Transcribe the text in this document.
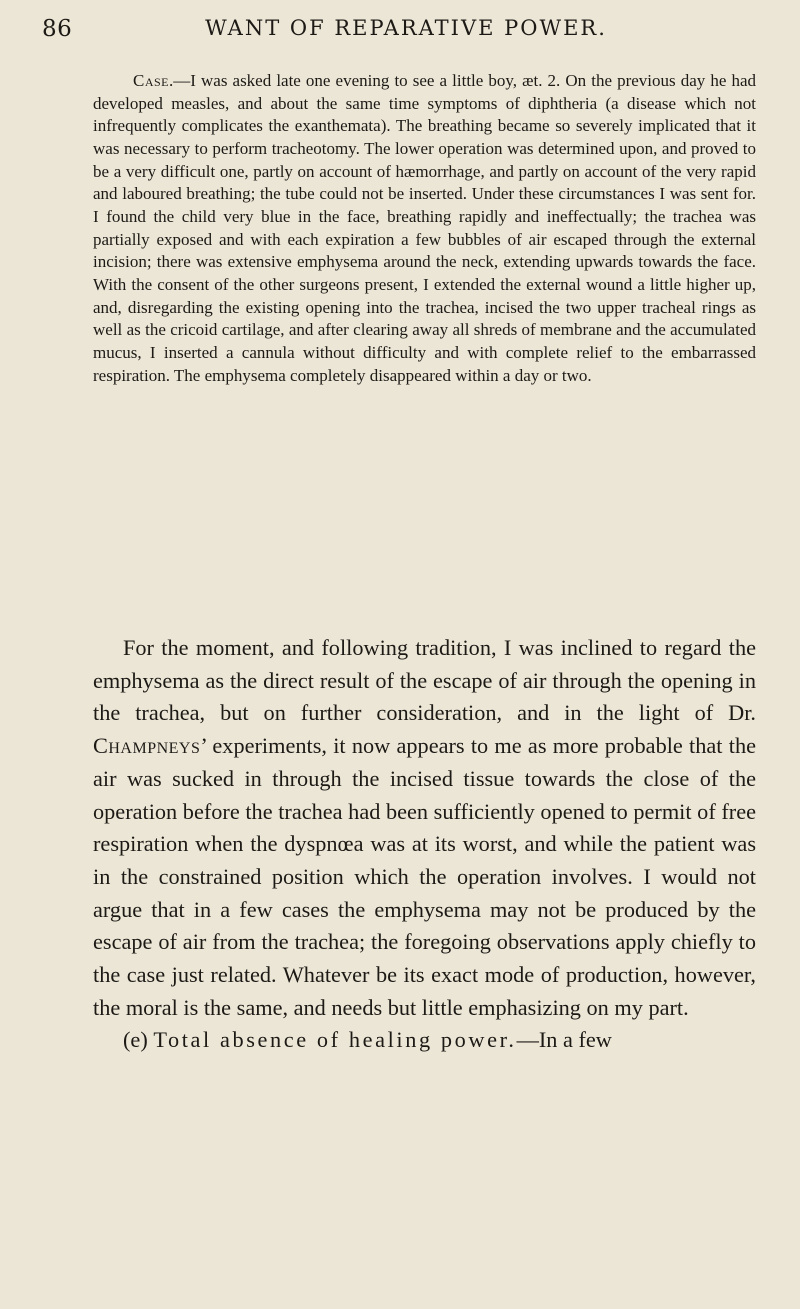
86	WANT OF REPARATIVE POWER.

Case.—I was asked late one evening to see a little boy, æt. 2. On the previous day he had developed measles, and about the same time symptoms of diphtheria (a disease which not infrequently complicates the exanthemata). The breathing became so severely implicated that it was necessary to perform tracheotomy. The lower operation was determined upon, and proved to be a very difficult one, partly on account of hæmorrhage, and partly on account of the very rapid and laboured breathing; the tube could not be inserted. Under these circumstances I was sent for. I found the child very blue in the face, breathing rapidly and ineffectually; the trachea was partially exposed and with each expiration a few bubbles of air escaped through the external incision; there was extensive emphysema around the neck, extending upwards towards the face. With the consent of the other surgeons present, I extended the external wound a little higher up, and, disregarding the existing opening into the trachea, incised the two upper tracheal rings as well as the cricoid cartilage, and after clearing away all shreds of membrane and the accumulated mucus, I inserted a cannula without difficulty and with complete relief to the embarrassed respiration. The emphysema completely disappeared within a day or two.

For the moment, and following tradition, I was inclined to regard the emphysema as the direct result of the escape of air through the opening in the trachea, but on further consideration, and in the light of Dr. Champneys’ experiments, it now appears to me as more probable that the air was sucked in through the incised tissue towards the close of the operation before the trachea had been sufficiently opened to permit of free respiration when the dyspnœa was at its worst, and while the patient was in the constrained position which the operation involves. I would not argue that in a few cases the emphysema may not be produced by the escape of air from the trachea; the foregoing observations apply chiefly to the case just related. Whatever be its exact mode of production, however, the moral is the same, and needs but little emphasizing on my part.

(e) Total absence of healing power.—In a few
